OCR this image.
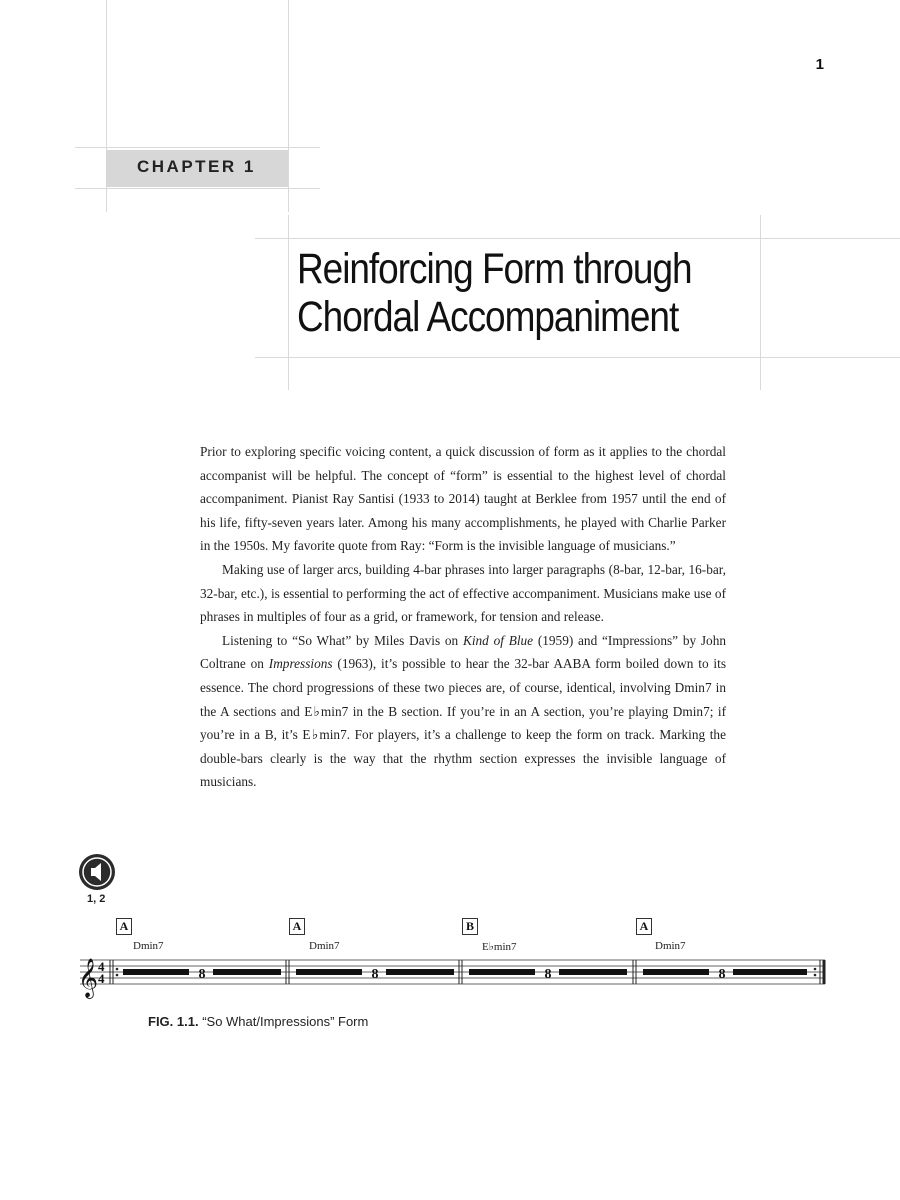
1
CHAPTER 1
Reinforcing Form through
Chordal Accompaniment

Prior to exploring specific voicing content, a quick discussion of form as it applies to the chordal accompanist will be helpful. The concept of “form” is essential to the highest level of chordal accompaniment. Pianist Ray Santisi (1933 to 2014) taught at Berklee from 1957 until the end of his life, fifty-seven years later. Among his many accomplishments, he played with Charlie Parker in the 1950s. My favorite quote from Ray: “Form is the invisible language of musicians.”

Making use of larger arcs, building 4-bar phrases into larger paragraphs (8-bar, 12-bar, 16-bar, 32-bar, etc.), is essential to performing the act of effective accompaniment. Musicians make use of phrases in multiples of four as a grid, or framework, for tension and release.

Listening to “So What” by Miles Davis on Kind of Blue (1959) and “Impressions” by John Coltrane on Impressions (1963), it’s possible to hear the 32-bar AABA form boiled down to its essence. The chord progressions of these two pieces are, of course, identical, involving Dmin7 in the A sections and E♭min7 in the B section. If you’re in an A section, you’re playing Dmin7; if you’re in a B, it’s E♭min7. For players, it’s a challenge to keep the form on track. Marking the double-bars clearly is the way that the rhythm section expresses the invisible language of musicians.

1, 2
A	A	B	A
Dmin7	Dmin7	E♭min7	Dmin7
𝄞 4
4	8	8	8	8
FIG. 1.1. “So What/Impressions” Form
